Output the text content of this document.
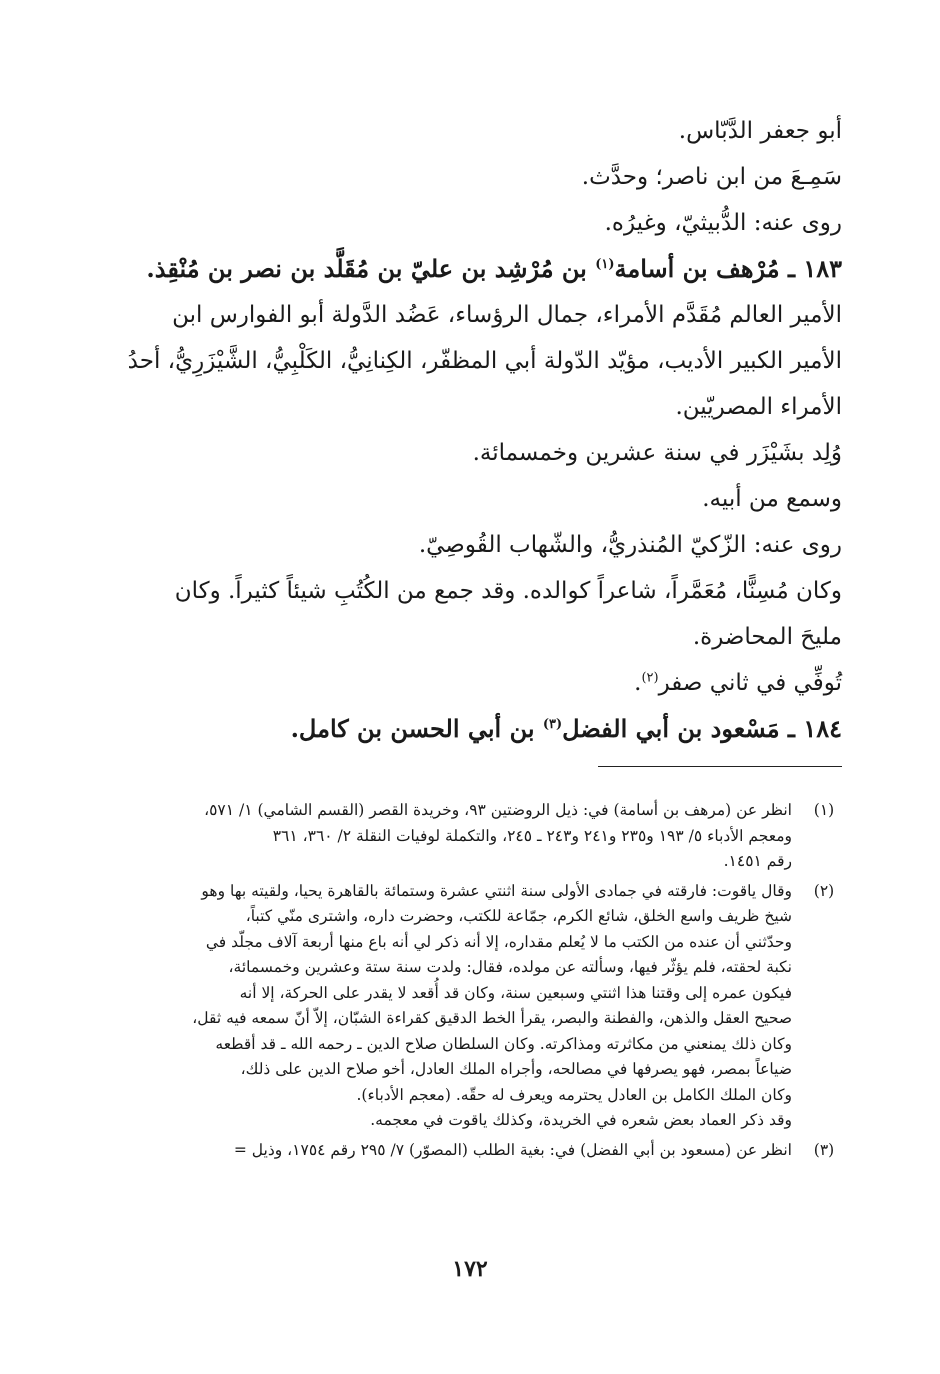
أبو جعفر الدَّبّاس.
سَمِـعَ من ابن ناصر؛ وحدَّث.
روى عنه: الدُّبيثيّ، وغيرُه.
١٨٣ ـ مُرْهف بن أسامة$^{(١)}$ بن مُرْشِد بن عليّ بن مُقَلَّد بن نصر بن مُنْقِذ.
الأمير العالم مُقَدَّم الأمراء، جمال الرؤساء، عَضُد الدَّولة أبو الفوارس ابن
الأمير الكبير الأديب، مؤيّد الدّولة أبي المظفّر، الكِنانِيُّ، الكَلْبِيُّ، الشَّيْزَرِيُّ، أحدُ
الأمراء المصريّين.
وُلِد بشَيْزَر في سنة عشرين وخمسمائة.
وسمع من أبيه.
روى عنه: الزّكيّ المُنذريُّ، والشّهاب القُوصِيّ.
وكان مُسِنًّا، مُعَمَّراً، شاعراً كوالده. وقد جمع من الكُتُبِ شيئاً كثيراً. وكان
مليحَ المحاضرة.
تُوفِّي في ثاني صفر$^{(٢)}$.
١٨٤ ـ مَسْعود بن أبي الفضل$^{(٣)}$ بن أبي الحسن بن كامل.
(١)
انظر عن (مرهف بن أسامة) في: ذيل الروضتين ٩٣، وخريدة القصر (القسم الشامي) ١/ ٥٧١،
ومعجم الأدباء ٥/ ١٩٣ و٢٣٥ و٢٤١ و٢٤٣ ـ ٢٤٥، والتكملة لوفيات النقلة ٢/ ٣٦٠، ٣٦١
رقم ١٤٥١.
(٢)
وقال ياقوت: فارقته في جمادى الأولى سنة اثنتي عشرة وستمائة بالقاهرة يحيا، ولقيته بها وهو
شيخ ظريف واسع الخلق، شائع الكرم، جمّاعة للكتب، وحضرت داره، واشترى منّي كتباً،
وحدّثني أن عنده من الكتب ما لا يُعلم مقداره، إلا أنه ذكر لي أنه باع منها أربعة آلاف مجلّد في
نكبة لحقته، فلم يؤثّر فيها، وسألته عن مولده، فقال: ولدت سنة ستة وعشرين وخمسمائة،
فيكون عمره إلى وقتنا هذا اثنتي وسبعين سنة، وكان قد أُقعد لا يقدر على الحركة، إلا أنه
صحيح العقل والذهن، والفطنة والبصر، يقرأ الخط الدقيق كقراءة الشبّان، إلاّ أنّ سمعه فيه ثقل،
وكان ذلك يمنعني من مكاثرته ومذاكرته. وكان السلطان صلاح الدين ـ رحمه الله ـ قد أقطعه
ضياعاً بمصر، فهو يصرفها في مصالحه، وأجراه الملك العادل، أخو صلاح الدين على ذلك،
وكان الملك الكامل بن العادل يحترمه ويعرف له حقّه. (معجم الأدباء).
وقد ذكر العماد بعض شعره في الخريدة، وكذلك ياقوت في معجمه.
(٣)
انظر عن (مسعود بن أبي الفضل) في: بغية الطلب (المصوّر) ٧/ ٢٩٥ رقم ١٧٥٤، وذيل =
١٧٢
